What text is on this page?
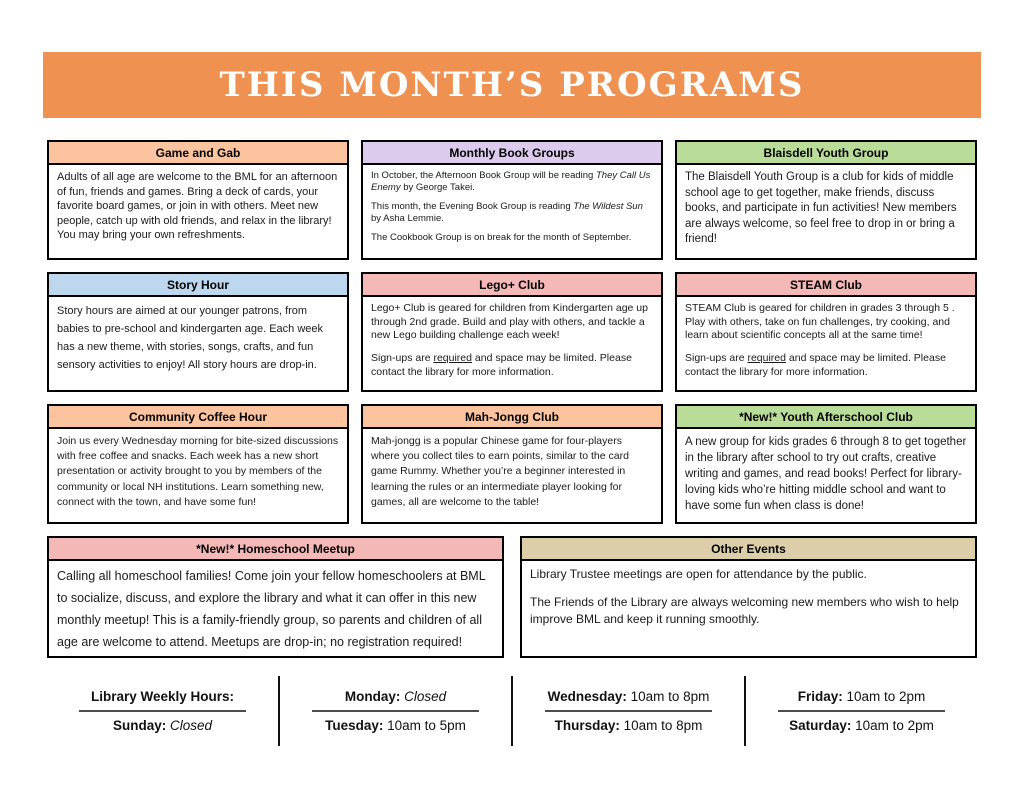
THIS MONTH’S PROGRAMS
Game and Gab

Adults of all age are welcome to the BML for an afternoon of fun, friends and games. Bring a deck of cards, your favorite board games, or join in with others. Meet new people, catch up with old friends, and relax in the library! You may bring your own refreshments.

Monthly Book Groups

In October, the Afternoon Book Group will be reading They Call Us Enemy by George Takei.

This month, the Evening Book Group is reading The Wildest Sun by Asha Lemmie.

The Cookbook Group is on break for the month of September.

Blaisdell Youth Group

The Blaisdell Youth Group is a club for kids of middle school age to get together, make friends, discuss books, and participate in fun activities! New members are always welcome, so feel free to drop in or bring a friend!

Story Hour

Story hours are aimed at our younger patrons, from babies to pre-school and kindergarten age. Each week has a new theme, with stories, songs, crafts, and fun sensory activities to enjoy! All story hours are drop-in.

Lego+ Club

Lego+ Club is geared for children from Kindergarten age up through 2nd grade. Build and play with others, and tackle a new Lego building challenge each week!

Sign-ups are required and space may be limited. Please contact the library for more information.

STEAM Club

STEAM Club is geared for children in grades 3 through 5 . Play with others, take on fun challenges, try cooking, and learn about scientific concepts all at the same time!

Sign-ups are required and space may be limited. Please contact the library for more information.

Community Coffee Hour

Join us every Wednesday morning for bite-sized discussions with free coffee and snacks. Each week has a new short presentation or activity brought to you by members of the community or local NH institutions. Learn something new, connect with the town, and have some fun!

Mah-Jongg Club

Mah-jongg is a popular Chinese game for four-players where you collect tiles to earn points, similar to the card game Rummy. Whether you’re a beginner interested in learning the rules or an intermediate player looking for games, all are welcome to the table!

*New!* Youth Afterschool Club

A new group for kids grades 6 through 8 to get together in the library after school to try out crafts, creative writing and games, and read books! Perfect for library-loving kids who’re hitting middle school and want to have some fun when class is done!

*New!* Homeschool Meetup

Calling all homeschool families! Come join your fellow homeschoolers at BML to socialize, discuss, and explore the library and what it can offer in this new monthly meetup! This is a family-friendly group, so parents and children of all age are welcome to attend. Meetups are drop-in; no registration required!

Other Events

Library Trustee meetings are open for attendance by the public.

The Friends of the Library are always welcoming new members who wish to help improve BML and keep it running smoothly.

Library Weekly Hours:
Sunday: Closed
Monday: Closed
Tuesday: 10am to 5pm
Wednesday: 10am to 8pm
Thursday: 10am to 8pm
Friday: 10am to 2pm
Saturday: 10am to 2pm
